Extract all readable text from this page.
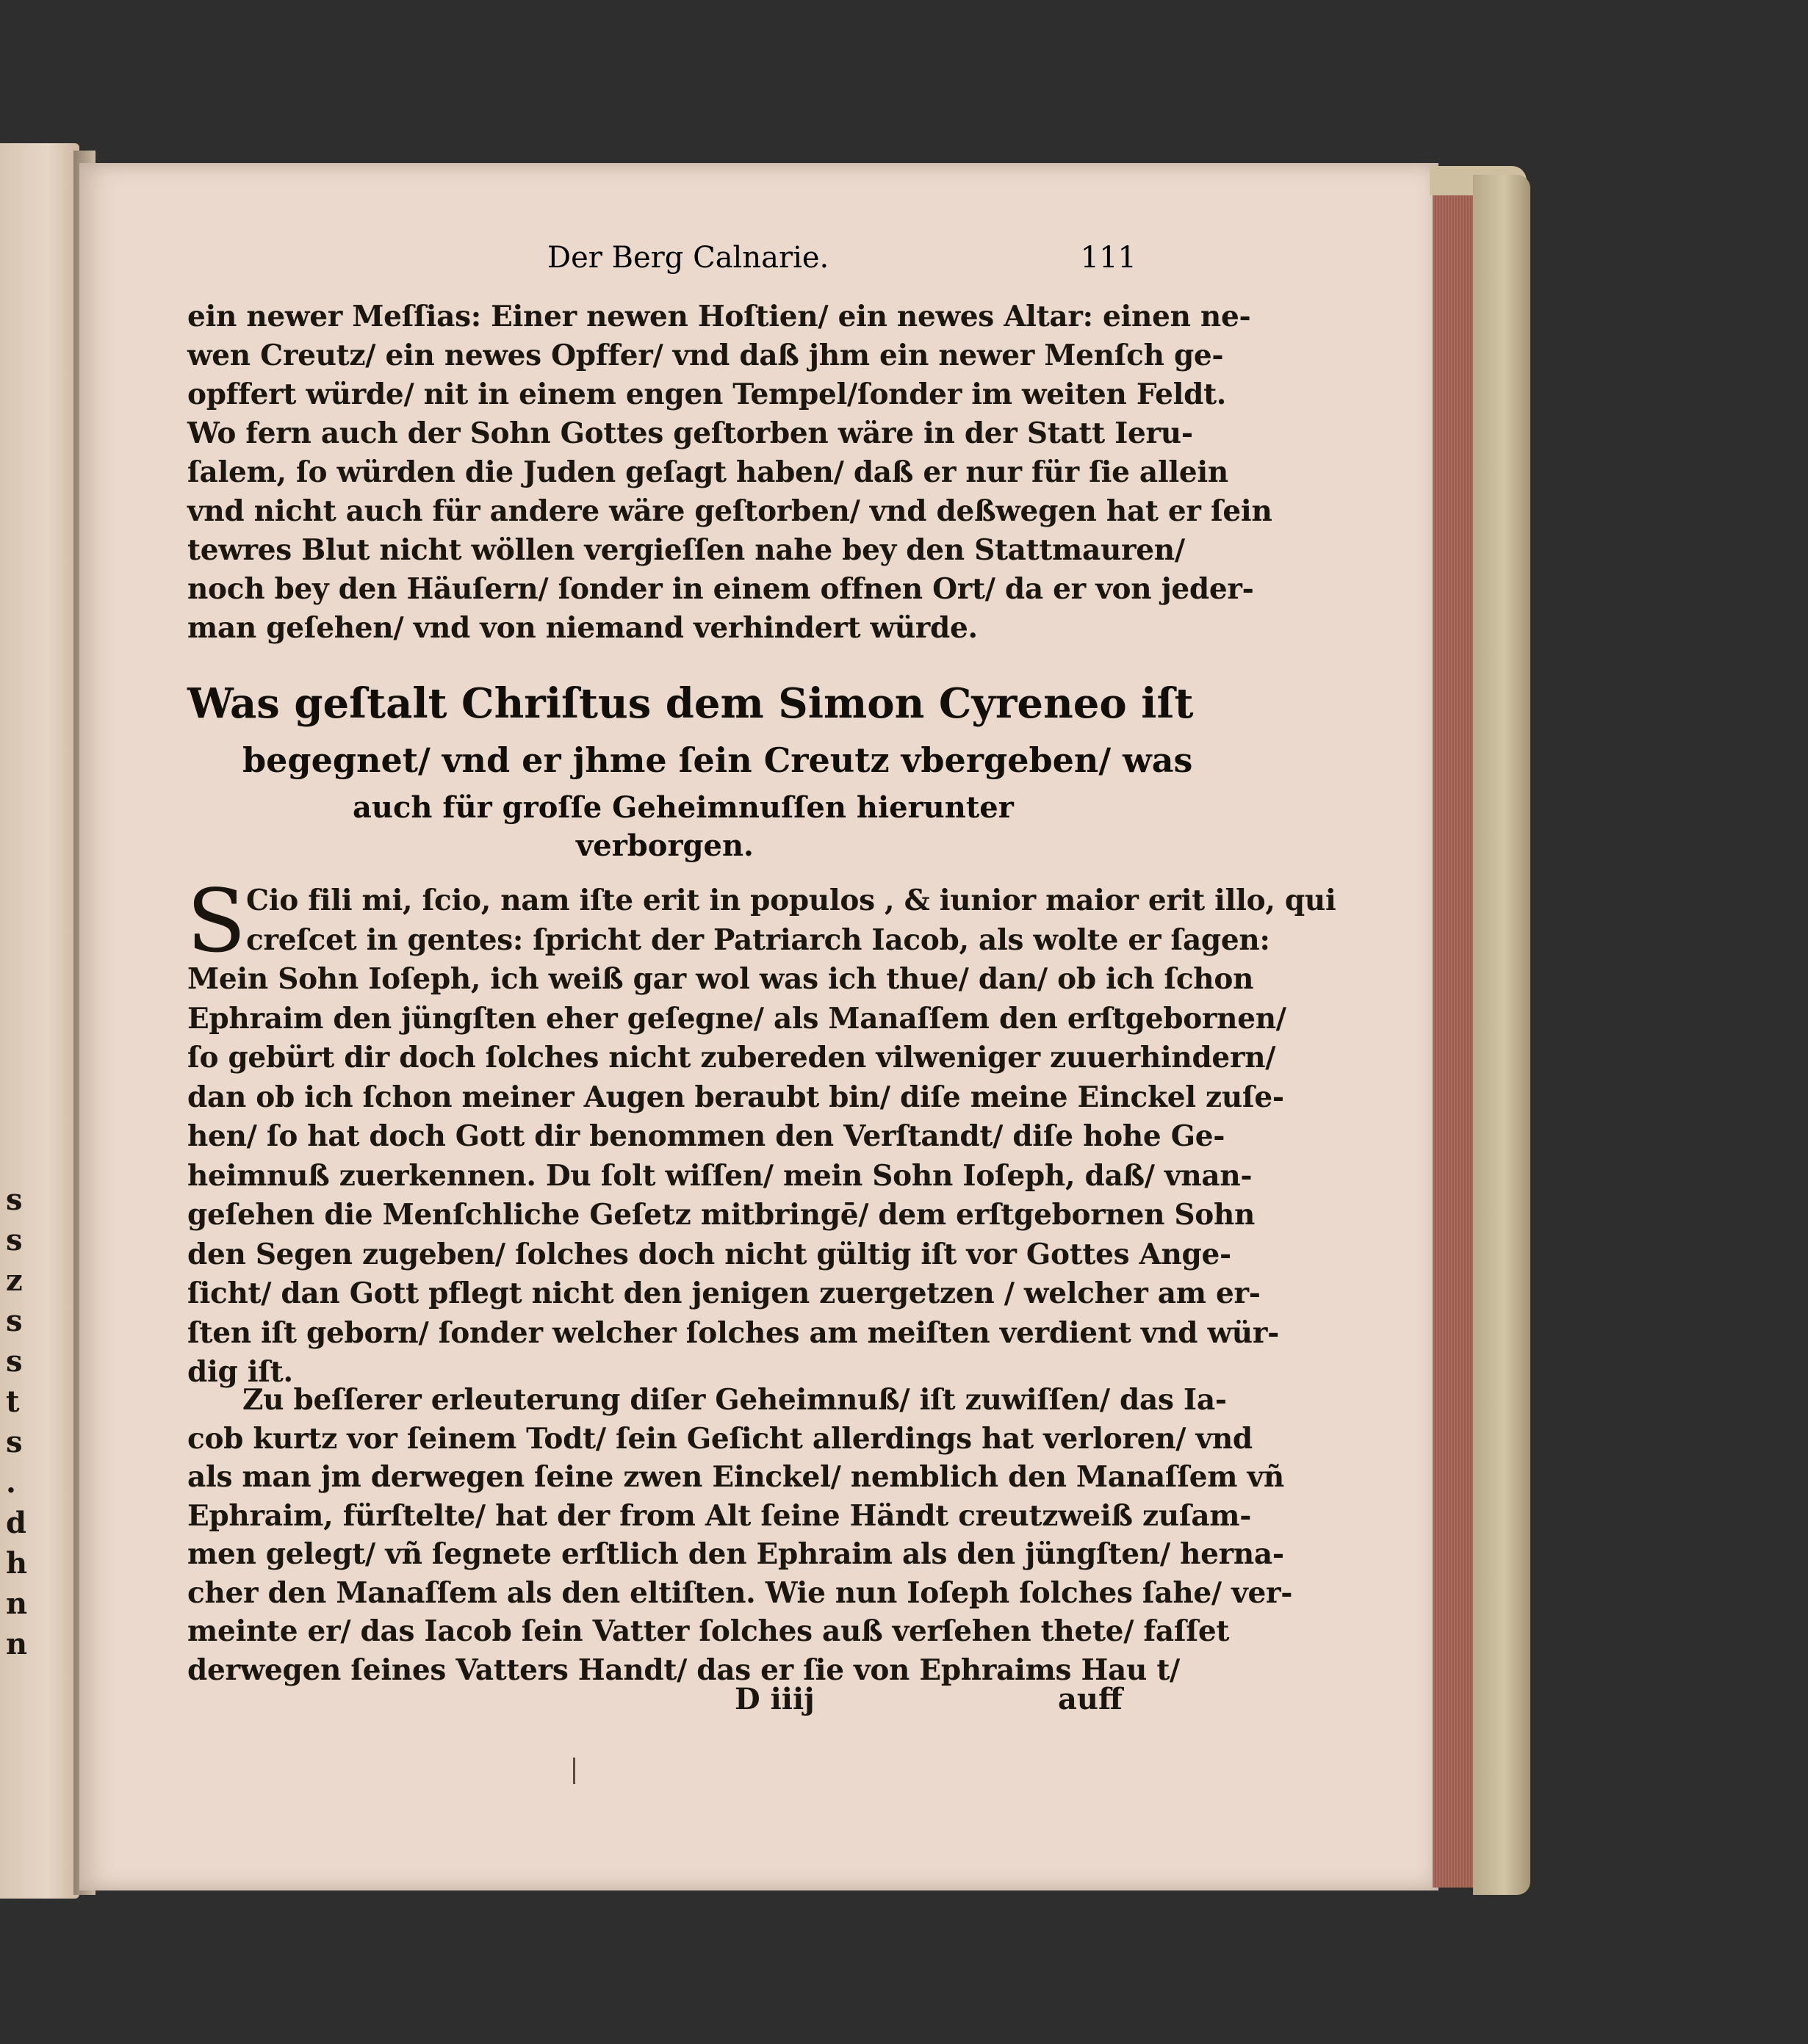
s
s
z
s
s
t
s
.
d
h
n
n
Der Berg Calnarie.	111
ein newer Meſſias: Einer newen Hoſtien/ ein newes Altar: einen ne-
wen Creutz/ ein newes Opffer/ vnd daß jhm ein newer Menſch ge-
opffert würde/ nit in einem engen Tempel/ſonder im weiten Feldt.
Wo fern auch der Sohn Gottes geſtorben wäre in der Statt Ieru-
ſalem, ſo würden die Juden geſagt haben/ daß er nur für ſie allein
vnd nicht auch für andere wäre geſtorben/ vnd deßwegen hat er ſein
tewres Blut nicht wöllen vergieſſen nahe bey den Stattmauren/
noch bey den Häuſern/ ſonder in einem offnen Ort/ da er von jeder-
man geſehen/ vnd von niemand verhindert würde.
Was geſtalt Chriſtus dem Simon Cyreneo iſt
begegnet/ vnd er jhme ſein Creutz vbergeben/ was
auch für groſſe Geheimnuſſen hierunter
verborgen.
S Cio fili mi, ſcio, nam iſte erit in populos , & iunior maior erit illo, qui
creſcet in gentes: ſpricht der Patriarch Iacob, als wolte er ſagen:
Mein Sohn Ioſeph, ich weiß gar wol was ich thue/ dan/ ob ich ſchon
Ephraim den jüngſten eher geſegne/ als Manaſſem den erſtgebornen/
ſo gebürt dir doch ſolches nicht zubereden vilweniger zuuerhindern/
dan ob ich ſchon meiner Augen beraubt bin/ diſe meine Einckel zuſe-
hen/ ſo hat doch Gott dir benommen den Verſtandt/ diſe hohe Ge-
heimnuß zuerkennen. Du ſolt wiſſen/ mein Sohn Ioſeph, daß/ vnan-
geſehen die Menſchliche Geſetz mitbringē/ dem erſtgebornen Sohn
den Segen zugeben/ ſolches doch nicht gültig iſt vor Gottes Ange-
ſicht/ dan Gott pflegt nicht den jenigen zuergetzen / welcher am er-
ſten iſt geborn/ ſonder welcher ſolches am meiſten verdient vnd wür-
dig iſt.
Zu beſſerer erleuterung diſer Geheimnuß/ iſt zuwiſſen/ das Ia-
cob kurtz vor ſeinem Todt/ ſein Geſicht allerdings hat verloren/ vnd
als man jm derwegen ſeine zwen Einckel/ nemblich den Manaſſem vñ
Ephraim, fürſtelte/ hat der from Alt ſeine Händt creutzweiß zuſam-
men gelegt/ vñ ſegnete erſtlich den Ephraim als den jüngſten/ herna-
cher den Manaſſem als den eltiſten. Wie nun Ioſeph ſolches ſahe/ ver-
meinte er/ das Iacob ſein Vatter ſolches auß verſehen thete/ faſſet
derwegen ſeines Vatters Handt/ das er ſie von Ephraims Hau t/
D iiij	auff
